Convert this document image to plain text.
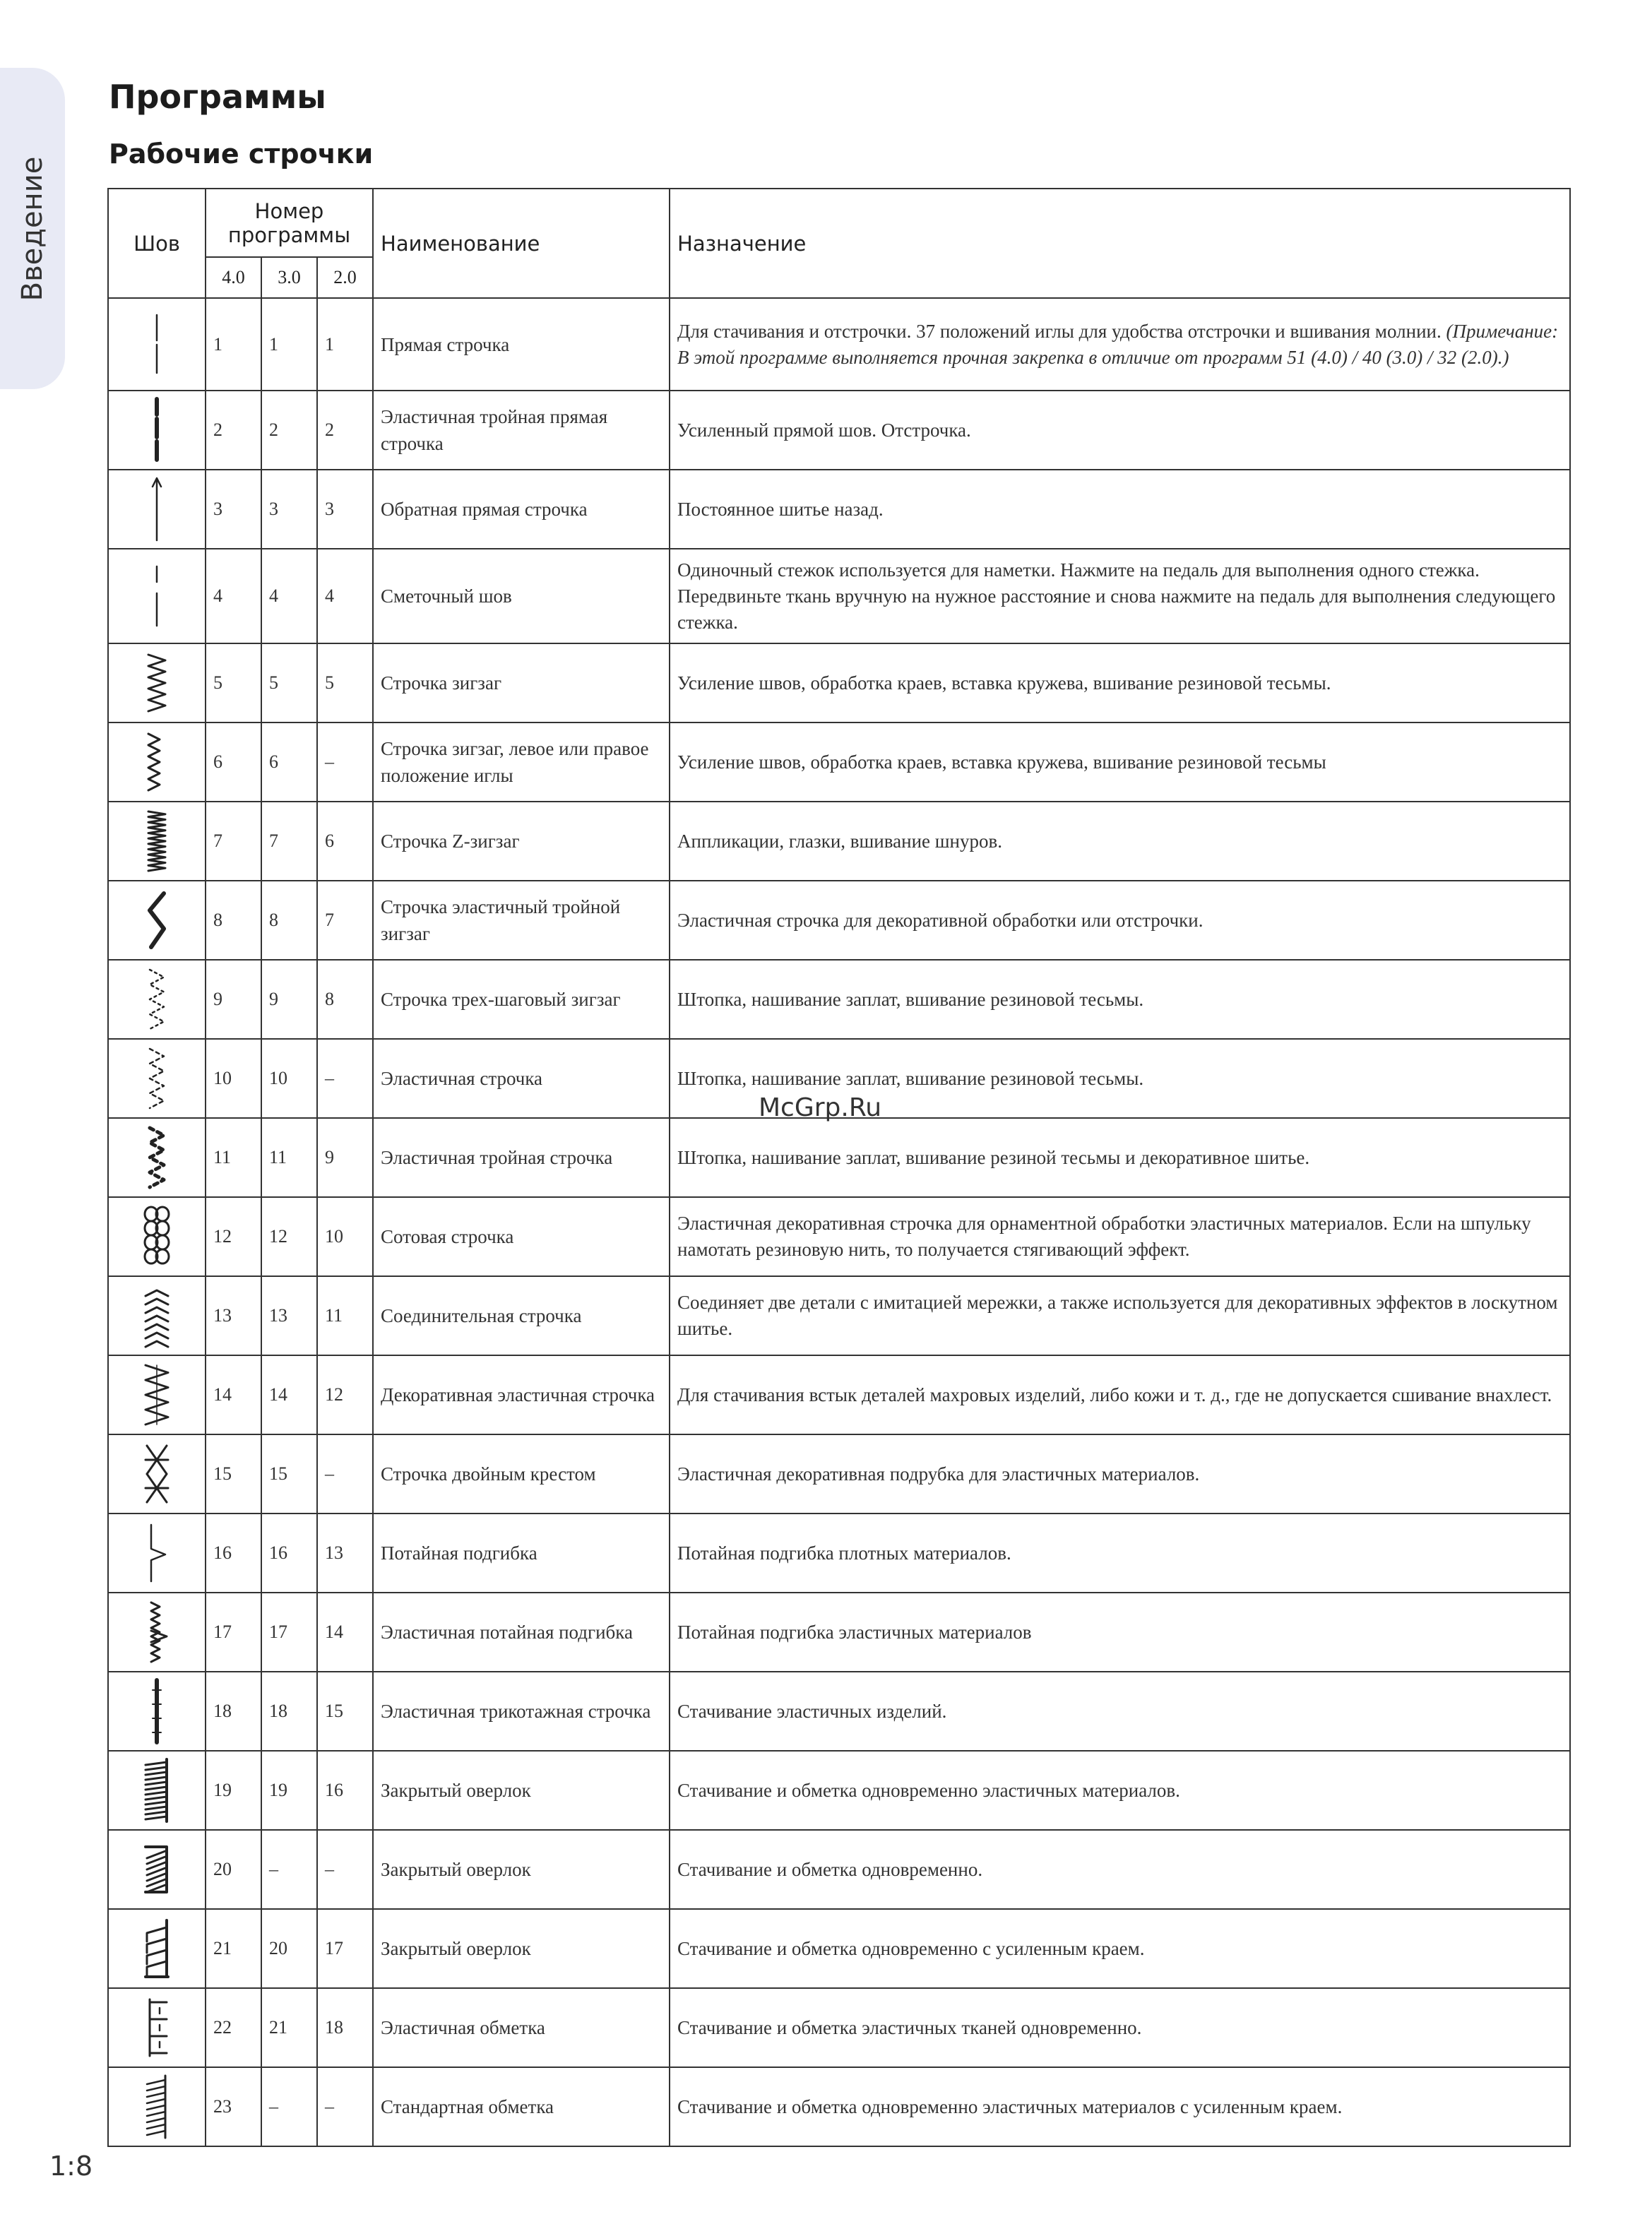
Введение
Программы
Рабочие строчки
Шов	Номер программы			Наименование	Назначение
	4.0	3.0	2.0		

	1	1	1	Прямая строчка	Для стачивания и отстрочки. 37 положений иглы для удобства отстрочки и вшивания молнии. (Примечание: В этой программе выполняется прочная закрепка в отличие от программ 51 (4.0) / 40 (3.0) / 32 (2.0).)

	2	2	2	Эластичная тройная прямая строчка	Усиленный прямой шов. Отстрочка.

	3	3	3	Обратная прямая строчка	Постоянное шитье назад.

	4	4	4	Сметочный шов	Одиночный стежок используется для наметки. Нажмите на педаль для выполнения одного стежка. Передвиньте ткань вручную на нужное расстояние и снова нажмите на педаль для выполнения следующего стежка.

	5	5	5	Строчка зигзаг	Усиление швов, обработка краев, вставка кружева, вшивание резиновой тесьмы.

	6	6	–	Строчка зигзаг, левое или правое положение иглы	Усиление швов, обработка краев, вставка кружева, вшивание резиновой тесьмы

	7	7	6	Строчка Z-зигзаг	Аппликации, глазки, вшивание шнуров.

	8	8	7	Строчка эластичный тройной зигзаг	Эластичная строчка для декоративной обработки или отстрочки.

	9	9	8	Строчка трех-шаговый зигзаг	Штопка, нашивание заплат, вшивание резиновой тесьмы.

	10	10	–	Эластичная строчка	Штопка, нашивание заплат, вшивание резиновой тесьмы.

	11	11	9	Эластичная тройная строчка	Штопка, нашивание заплат, вшивание резиной тесьмы и декоративное шитье.

	12	12	10	Сотовая строчка	Эластичная декоративная строчка для орнаментной обработки эластичных материалов. Если на шпульку намотать резиновую нить, то получается стягивающий эффект.

	13	13	11	Соединительная строчка	Соединяет две детали с имитацией мережки, а также используется для декоративных эффектов в лоскутном шитье.

	14	14	12	Декоративная эластичная строчка	Для стачивания встык деталей махровых изделий, либо кожи и т. д., где не допускается сшивание внахлест.

	15	15	–	Строчка двойным крестом	Эластичная декоративная подрубка для эластичных материалов.

	16	16	13	Потайная подгибка	Потайная подгибка плотных материалов.

	17	17	14	Эластичная потайная подгибка	Потайная подгибка эластичных материалов

	18	18	15	Эластичная трикотажная строчка	Стачивание эластичных изделий.

	19	19	16	Закрытый оверлок	Стачивание и обметка одновременно эластичных материалов.

	20	–	–	Закрытый оверлок	Стачивание и обметка одновременно.

	21	20	17	Закрытый оверлок	Стачивание и обметка одновременно с усиленным краем.

	22	21	18	Эластичная обметка	Стачивание и обметка эластичных тканей одновременно.

	23	–	–	Стандартная обметка	Стачивание и обметка одновременно эластичных материалов с усиленным краем.
McGrp.Ru
1:8
